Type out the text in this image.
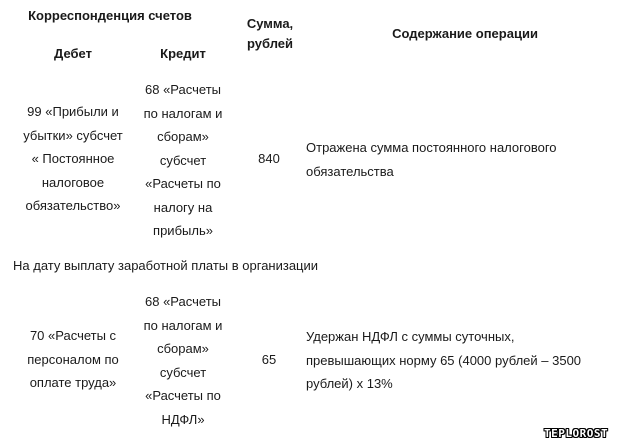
Корреспонденция счетов
Дебет	Кредит
Сумма,
рублей
Содержание операции
99 «Прибыли и
убытки» субсчет
« Постоянное
налоговое
обязательство»
68 «Расчеты
по налогам и
сборам»
субсчет
«Расчеты по
налогу на
прибыль»
840
Отражена сумма постоянного налогового
обязательства
На дату выплату заработной платы в организации
70 «Расчеты с
персоналом по
оплате труда»
68 «Расчеты
по налогам и
сборам»
субсчет
«Расчеты по
НДФЛ»
65
Удержан НДФЛ с суммы суточных,
превышающих норму 65 (4000 рублей – 3500
рублей) х 13%
TEPLOROST
